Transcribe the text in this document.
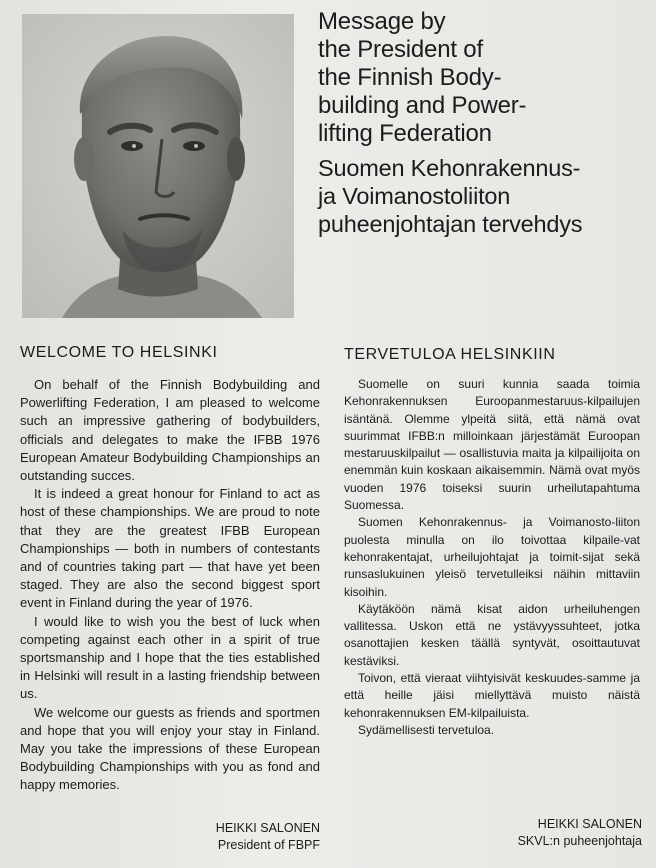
Message by
the President of
the Finnish Body-
building and Power-
lifting Federation

Suomen Kehonrakennus-
ja Voimanostoliiton
puheenjohtajan tervehdys

WELCOME TO HELSINKI

On behalf of the Finnish Bodybuilding and Powerlifting Federation, I am pleased to welcome such an impressive gathering of bodybuilders, officials and delegates to make the IFBB 1976 European Amateur Bodybuilding Championships an outstanding succes.

It is indeed a great honour for Finland to act as host of these championships. We are proud to note that they are the greatest IFBB European Championships — both in numbers of contestants and of countries taking part — that have yet been staged. They are also the second biggest sport event in Finland during the year of 1976.

I would like to wish you the best of luck when competing against each other in a spirit of true sportsmanship and I hope that the ties established in Helsinki will result in a lasting friendship between us.

We welcome our guests as friends and sportmen and hope that you will enjoy your stay in Finland. May you take the impressions of these European Bodybuilding Championships with you as fond and happy memories.

HEIKKI SALONEN
President of FBPF
TERVETULOA HELSINKIIN

Suomelle on suuri kunnia saada toimia Kehonrakennuksen Euroopanmestaruus-kilpailujen isäntänä. Olemme ylpeitä siitä, että nämä ovat suurimmat IFBB:n milloinkaan järjestämät Euroopan mestaruuskilpailut — osallistuvia maita ja kilpailijoita on enemmän kuin koskaan aikaisemmin. Nämä ovat myös vuoden 1976 toiseksi suurin urheilutapahtuma Suomessa.

Suomen Kehonrakennus- ja Voimanosto-liiton puolesta minulla on ilo toivottaa kilpaile-vat kehonrakentajat, urheilujohtajat ja toimit-sijat sekä runsaslukuinen yleisö tervetulleiksi näihin mittaviin kisoihin.

Käytäköön nämä kisat aidon urheiluhengen vallitessa. Uskon että ne ystävyyssuhteet, jotka osanottajien kesken täällä syntyvät, osoittautuvat kestäviksi.

Toivon, että vieraat viihtyisivät keskuudes-samme ja että heille jäisi miellyttävä muisto näistä kehonrakennuksen EM-kilpailuista.

Sydämellisesti tervetuloa.

HEIKKI SALONEN
SKVL:n puheenjohtaja
